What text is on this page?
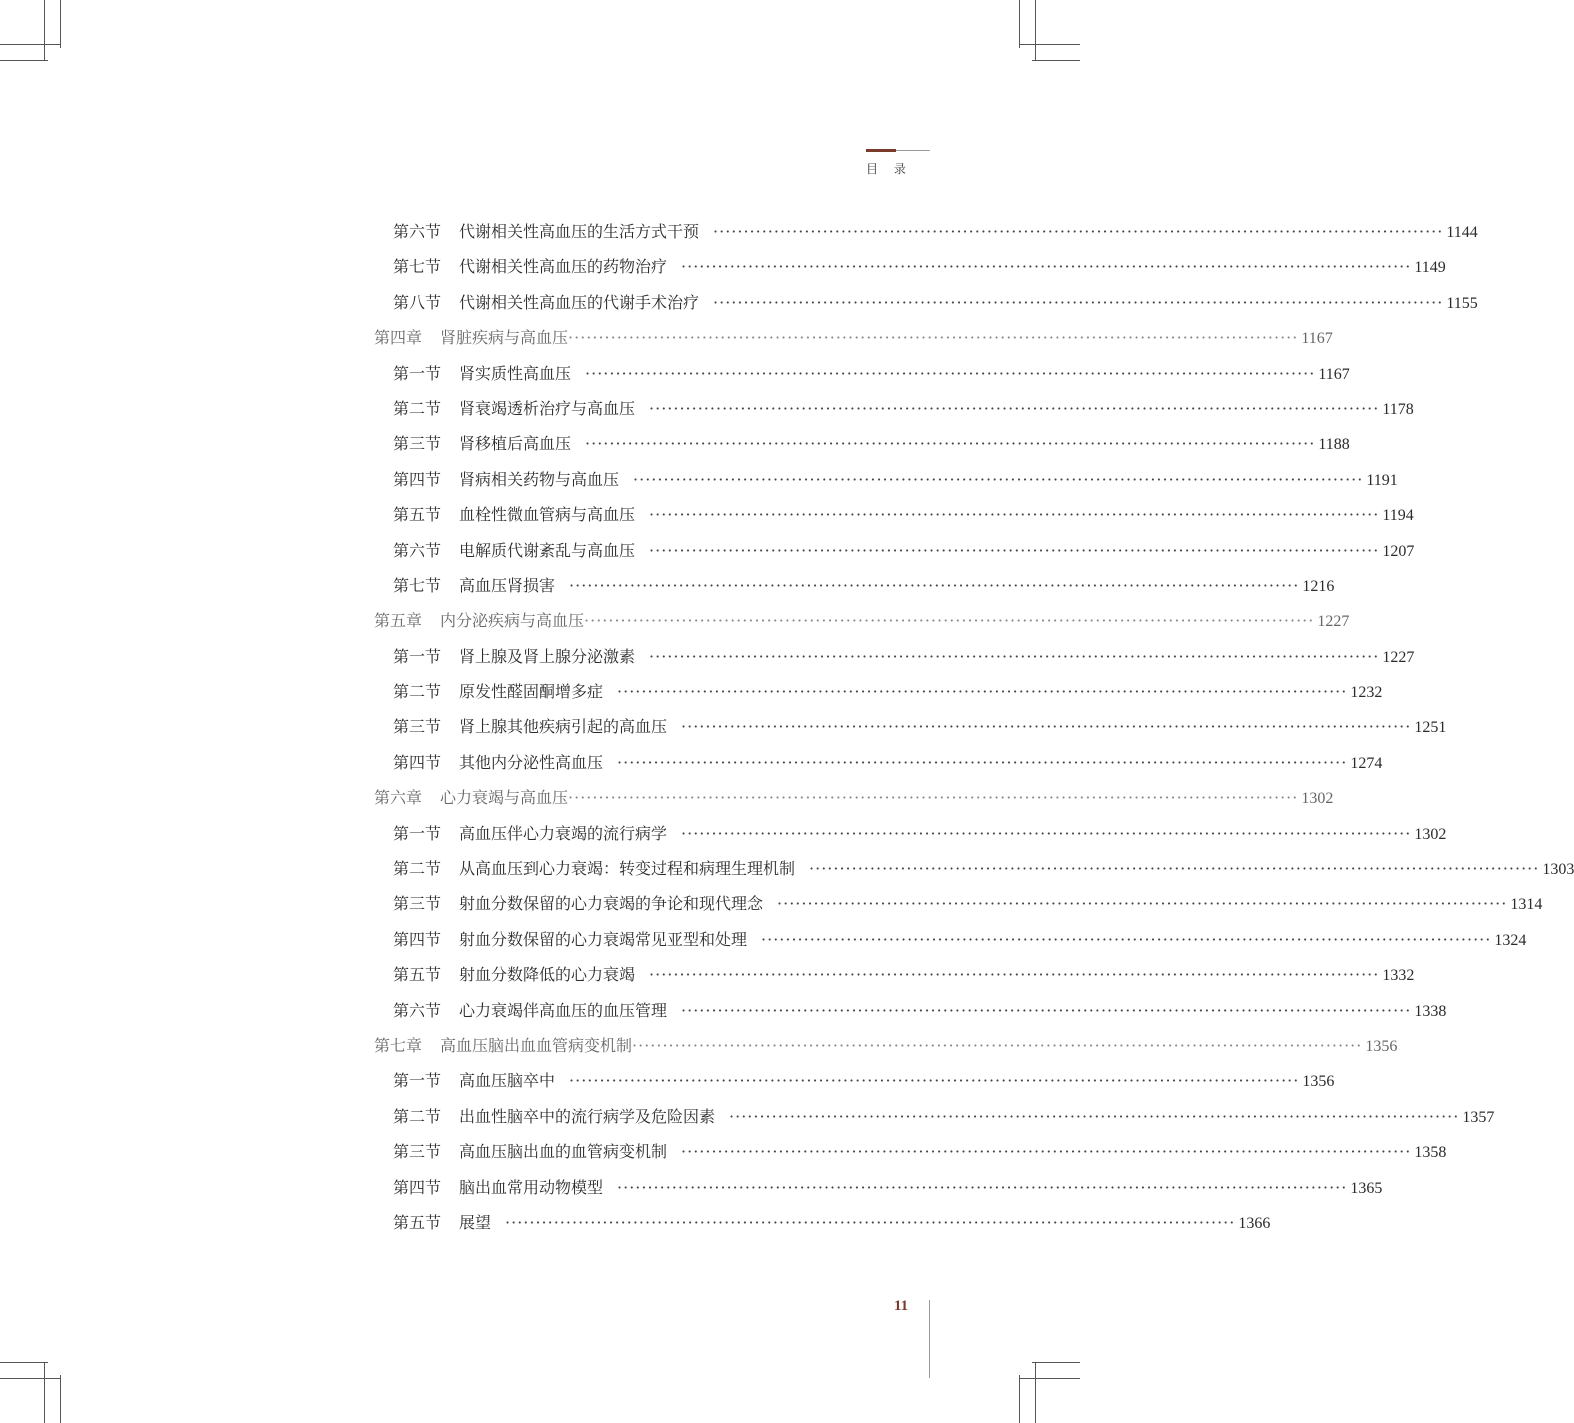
目 录
第六节 代谢相关性高血压的生活方式干预 ························································································································ 1144
第七节 代谢相关性高血压的药物治疗 ························································································································ 1149
第八节 代谢相关性高血压的代谢手术治疗 ························································································································ 1155
第四章 肾脏疾病与高血压 ························································································································ 1167
第一节 肾实质性高血压 ························································································································ 1167
第二节 肾衰竭透析治疗与高血压 ························································································································ 1178
第三节 肾移植后高血压 ························································································································ 1188
第四节 肾病相关药物与高血压 ························································································································ 1191
第五节 血栓性微血管病与高血压 ························································································································ 1194
第六节 电解质代谢紊乱与高血压 ························································································································ 1207
第七节 高血压肾损害 ························································································································ 1216
第五章 内分泌疾病与高血压 ························································································································ 1227
第一节 肾上腺及肾上腺分泌激素 ························································································································ 1227
第二节 原发性醛固酮增多症 ························································································································ 1232
第三节 肾上腺其他疾病引起的高血压 ························································································································ 1251
第四节 其他内分泌性高血压 ························································································································ 1274
第六章 心力衰竭与高血压 ························································································································ 1302
第一节 高血压伴心力衰竭的流行病学 ························································································································ 1302
第二节 从高血压到心力衰竭：转变过程和病理生理机制 ························································································································ 1303
第三节 射血分数保留的心力衰竭的争论和现代理念 ························································································································ 1314
第四节 射血分数保留的心力衰竭常见亚型和处理 ························································································································ 1324
第五节 射血分数降低的心力衰竭 ························································································································ 1332
第六节 心力衰竭伴高血压的血压管理 ························································································································ 1338
第七章 高血压脑出血血管病变机制 ························································································································ 1356
第一节 高血压脑卒中 ························································································································ 1356
第二节 出血性脑卒中的流行病学及危险因素 ························································································································ 1357
第三节 高血压脑出血的血管病变机制 ························································································································ 1358
第四节 脑出血常用动物模型 ························································································································ 1365
第五节 展望 ························································································································ 1366
11
